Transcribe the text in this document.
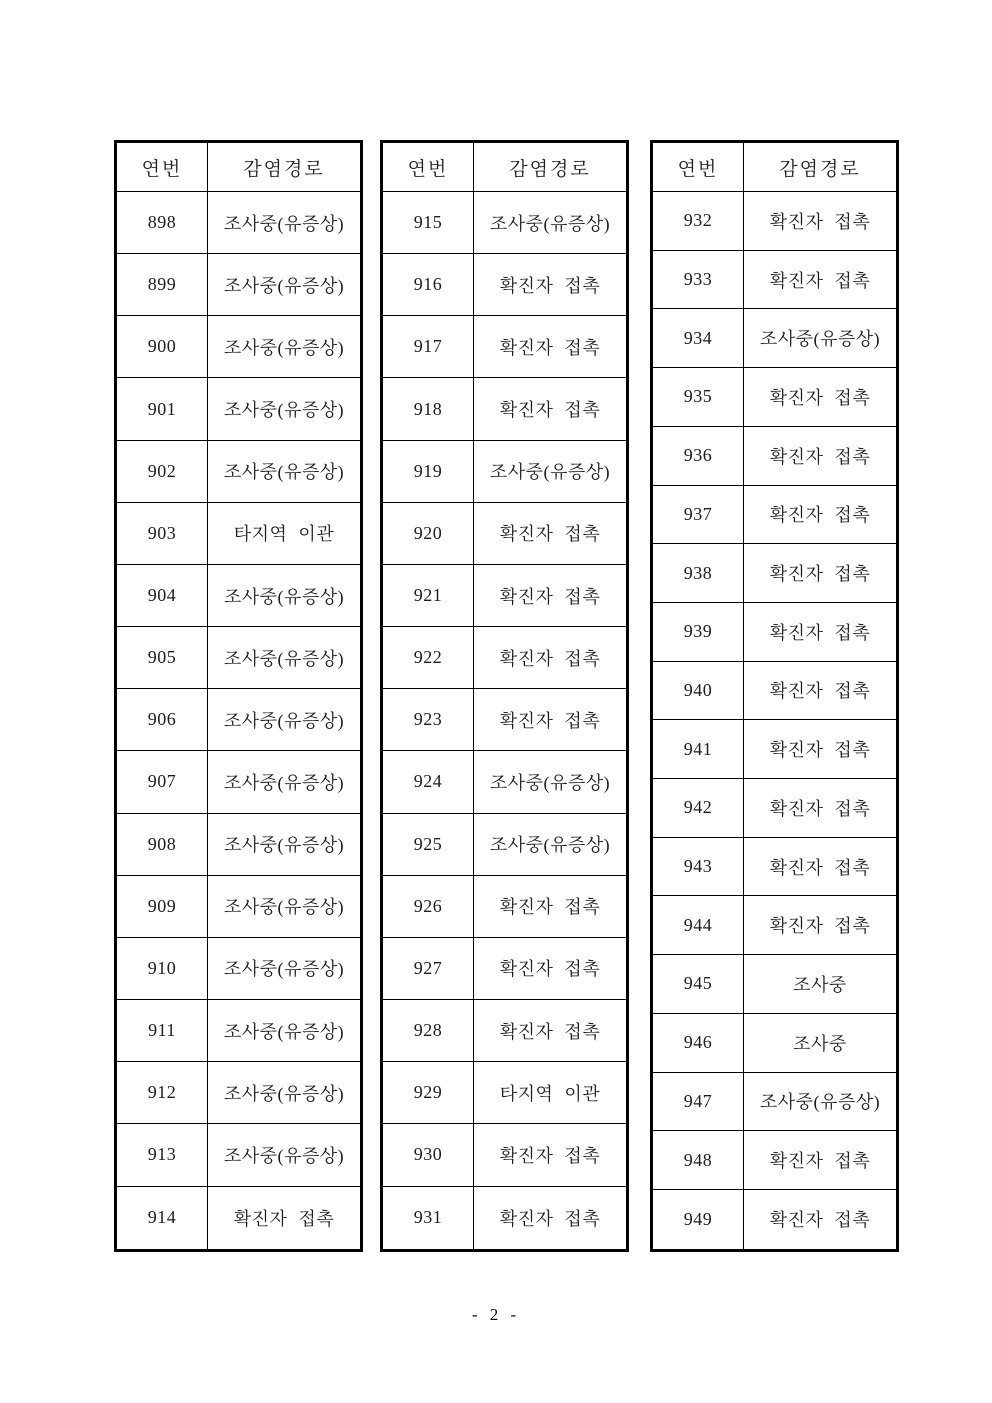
연번	감염경로
898	조사중(유증상)
899	조사중(유증상)
900	조사중(유증상)
901	조사중(유증상)
902	조사중(유증상)
903	타지역 이관
904	조사중(유증상)
905	조사중(유증상)
906	조사중(유증상)
907	조사중(유증상)
908	조사중(유증상)
909	조사중(유증상)
910	조사중(유증상)
911	조사중(유증상)
912	조사중(유증상)
913	조사중(유증상)
914	확진자 접촉
연번	감염경로
915	조사중(유증상)
916	확진자 접촉
917	확진자 접촉
918	확진자 접촉
919	조사중(유증상)
920	확진자 접촉
921	확진자 접촉
922	확진자 접촉
923	확진자 접촉
924	조사중(유증상)
925	조사중(유증상)
926	확진자 접촉
927	확진자 접촉
928	확진자 접촉
929	타지역 이관
930	확진자 접촉
931	확진자 접촉
연번	감염경로
932	확진자 접촉
933	확진자 접촉
934	조사중(유증상)
935	확진자 접촉
936	확진자 접촉
937	확진자 접촉
938	확진자 접촉
939	확진자 접촉
940	확진자 접촉
941	확진자 접촉
942	확진자 접촉
943	확진자 접촉
944	확진자 접촉
945	조사중
946	조사중
947	조사중(유증상)
948	확진자 접촉
949	확진자 접촉
- 2 -
